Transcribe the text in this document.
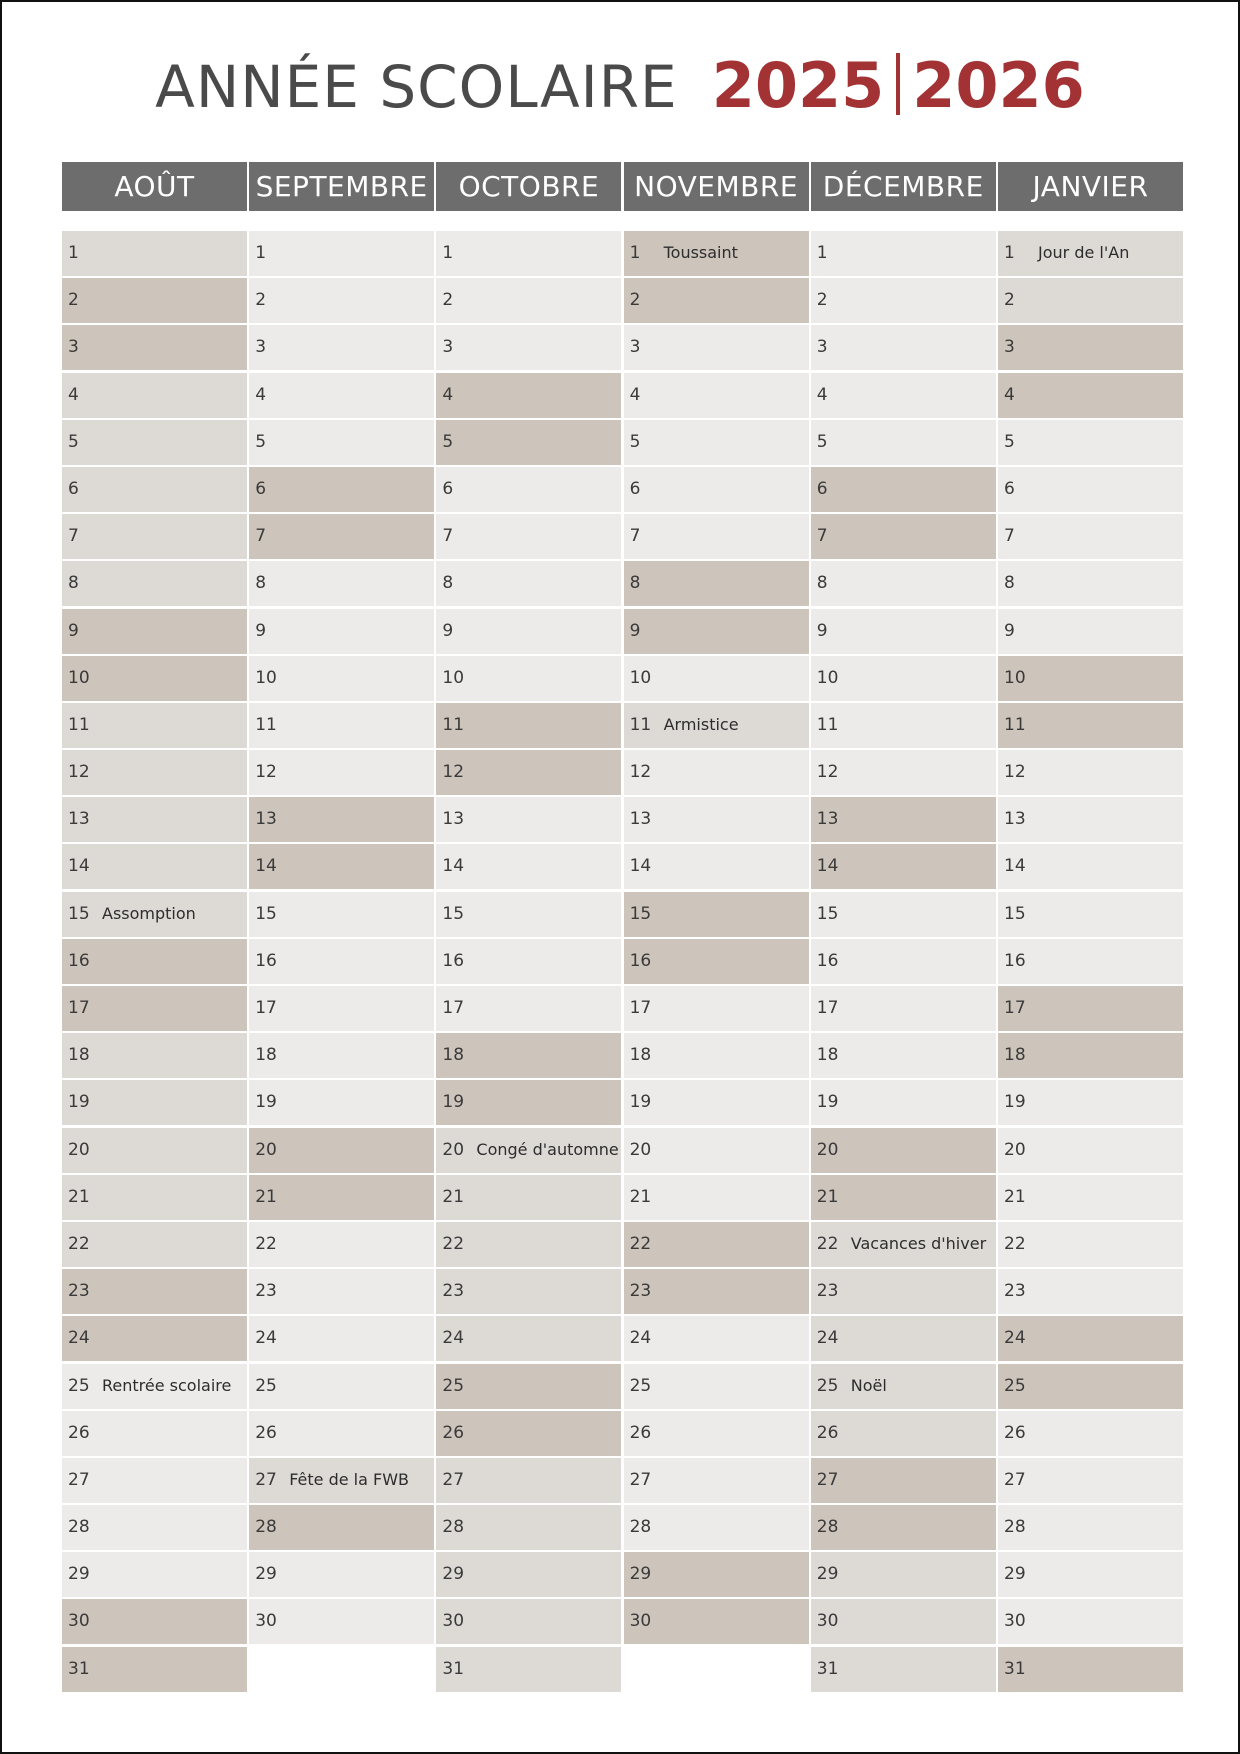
ANNÉE SCOLAIRE 2025 2026
AOÛT
1
2
3
4
5
6
7
8
9
10
11
12
13
14
15 Assomption
16
17
18
19
20
21
22
23
24
25 Rentrée scolaire
26
27
28
29
30
31
SEPTEMBRE
1
2
3
4
5
6
7
8
9
10
11
12
13
14
15
16
17
18
19
20
21
22
23
24
25
26
27 Fête de la FWB
28
29
30
OCTOBRE
1
2
3
4
5
6
7
8
9
10
11
12
13
14
15
16
17
18
19
20 Congé d'automne
21
22
23
24
25
26
27
28
29
30
31
NOVEMBRE
1 Toussaint
2
3
4
5
6
7
8
9
10
11 Armistice
12
13
14
15
16
17
18
19
20
21
22
23
24
25
26
27
28
29
30
DÉCEMBRE
1
2
3
4
5
6
7
8
9
10
11
12
13
14
15
16
17
18
19
20
21
22 Vacances d'hiver
23
24
25 Noël
26
27
28
29
30
31
JANVIER
1 Jour de l'An
2
3
4
5
6
7
8
9
10
11
12
13
14
15
16
17
18
19
20
21
22
23
24
25
26
27
28
29
30
31
